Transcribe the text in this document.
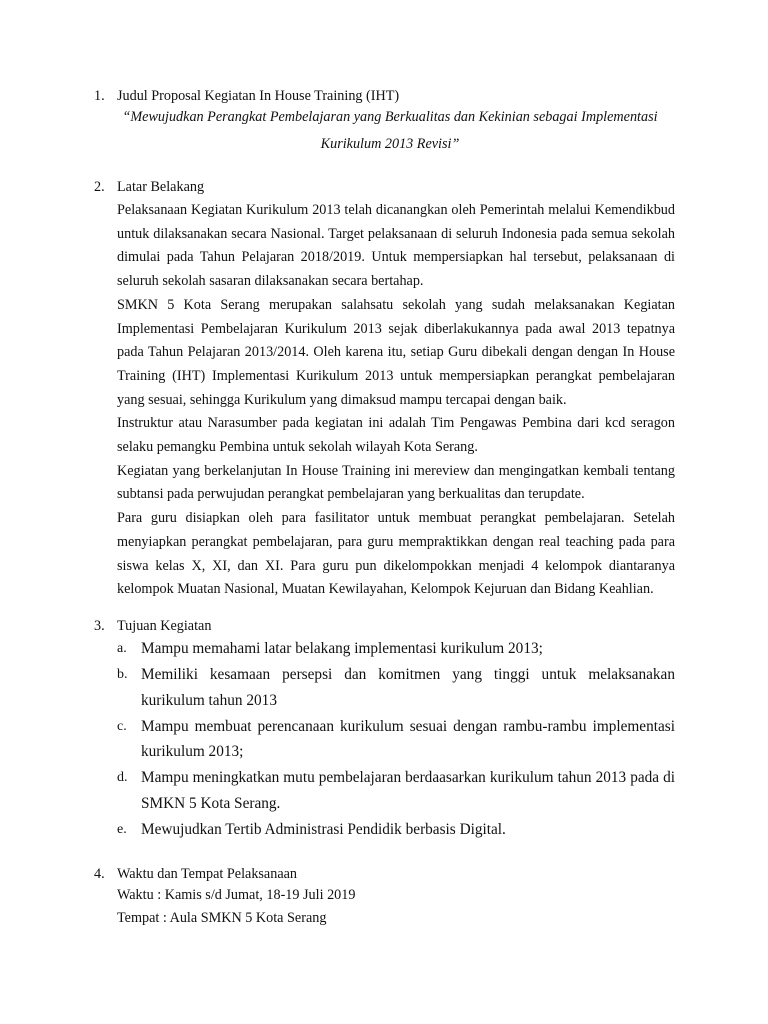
1. Judul Proposal Kegiatan In House Training (IHT)
“Mewujudkan Perangkat Pembelajaran yang Berkualitas dan Kekinian sebagai Implementasi Kurikulum 2013 Revisi”
2. Latar Belakang

Pelaksanaan Kegiatan Kurikulum 2013 telah dicanangkan oleh Pemerintah melalui Kemendikbud untuk dilaksanakan secara Nasional. Target pelaksanaan di seluruh Indonesia pada semua sekolah dimulai pada Tahun Pelajaran 2018/2019. Untuk mempersiapkan hal tersebut, pelaksanaan di seluruh sekolah sasaran dilaksanakan secara bertahap.

SMKN 5 Kota Serang merupakan salahsatu sekolah yang sudah melaksanakan Kegiatan Implementasi Pembelajaran Kurikulum 2013 sejak diberlakukannya pada awal 2013 tepatnya pada Tahun Pelajaran 2013/2014. Oleh karena itu, setiap Guru dibekali dengan dengan In House Training (IHT) Implementasi Kurikulum 2013 untuk mempersiapkan perangkat pembelajaran yang sesuai, sehingga Kurikulum yang dimaksud mampu tercapai dengan baik.

Instruktur atau Narasumber pada kegiatan ini adalah Tim Pengawas Pembina dari kcd seragon selaku pemangku Pembina untuk sekolah wilayah Kota Serang.

Kegiatan yang berkelanjutan In House Training ini mereview dan mengingatkan kembali tentang subtansi pada perwujudan perangkat pembelajaran yang berkualitas dan terupdate.

Para guru disiapkan oleh para fasilitator untuk membuat perangkat pembelajaran. Setelah menyiapkan perangkat pembelajaran, para guru mempraktikkan dengan real teaching pada para siswa kelas X, XI, dan XI. Para guru pun dikelompokkan menjadi 4 kelompok diantaranya kelompok Muatan Nasional, Muatan Kewilayahan, Kelompok Kejuruan dan Bidang Keahlian.

3. Tujuan Kegiatan
a. Mampu memahami latar belakang implementasi kurikulum 2013;
b. Memiliki kesamaan persepsi dan komitmen yang tinggi untuk melaksanakan kurikulum tahun 2013
c. Mampu membuat perencanaan kurikulum sesuai dengan rambu-rambu implementasi kurikulum 2013;
d. Mampu meningkatkan mutu pembelajaran berdaasarkan kurikulum tahun 2013 pada di SMKN 5 Kota Serang.
e. Mewujudkan Tertib Administrasi Pendidik berbasis Digital.
4. Waktu dan Tempat Pelaksanaan
Waktu : Kamis s/d Jumat, 18-19 Juli 2019
Tempat : Aula SMKN 5 Kota Serang
